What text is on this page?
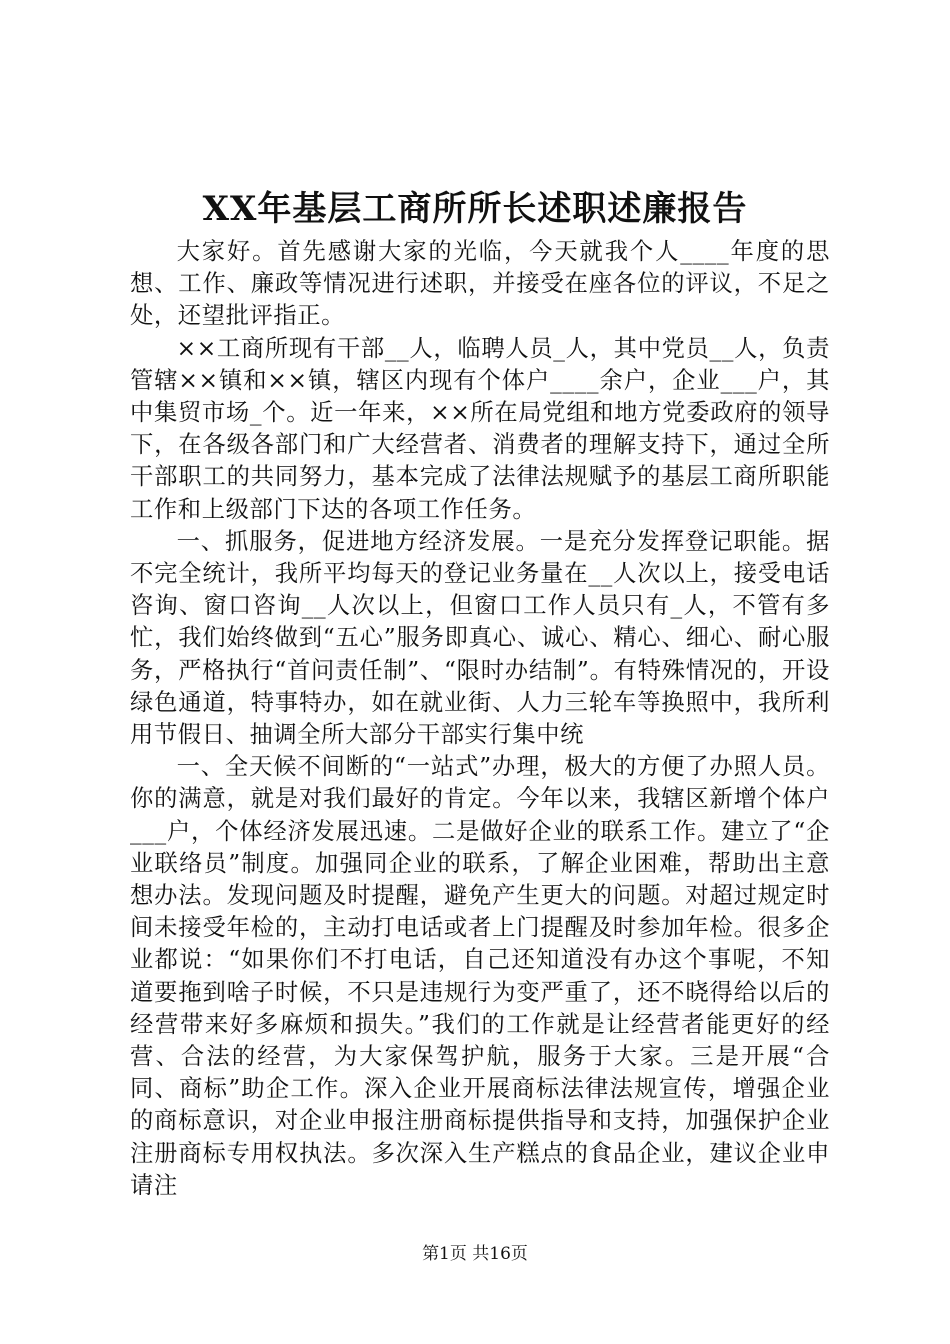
XX年基层工商所所长述职述廉报告

大家好。首先感谢大家的光临，今天就我个人____年度的思想、工作、廉政等情况进行述职，并接受在座各位的评议，不足之处，还望批评指正。

××工商所现有干部__人，临聘人员_人，其中党员__人，负责管辖××镇和××镇，辖区内现有个体户____余户，企业___户，其中集贸市场_个。近一年来，××所在局党组和地方党委政府的领导下，在各级各部门和广大经营者、消费者的理解支持下，通过全所干部职工的共同努力，基本完成了法律法规赋予的基层工商所职能工作和上级部门下达的各项工作任务。

一、抓服务，促进地方经济发展。一是充分发挥登记职能。据不完全统计，我所平均每天的登记业务量在__人次以上，接受电话咨询、窗口咨询__人次以上，但窗口工作人员只有_人，不管有多忙，我们始终做到“五心”服务即真心、诚心、精心、细心、耐心服务，严格执行“首问责任制”、“限时办结制”。有特殊情况的，开设绿色通道，特事特办，如在就业街、人力三轮车等换照中，我所利用节假日、抽调全所大部分干部实行集中统

一、全天候不间断的“一站式”办理，极大的方便了办照人员。你的满意，就是对我们最好的肯定。今年以来，我辖区新增个体户___户，个体经济发展迅速。二是做好企业的联系工作。建立了“企业联络员”制度。加强同企业的联系，了解企业困难，帮助出主意想办法。发现问题及时提醒，避免产生更大的问题。对超过规定时间未接受年检的，主动打电话或者上门提醒及时参加年检。很多企业都说：“如果你们不打电话，自己还知道没有办这个事呢，不知道要拖到啥子时候，不只是违规行为变严重了，还不晓得给以后的经营带来好多麻烦和损失。”我们的工作就是让经营者能更好的经营、合法的经营，为大家保驾护航，服务于大家。三是开展“合同、商标”助企工作。深入企业开展商标法律法规宣传，增强企业的商标意识，对企业申报注册商标提供指导和支持，加强保护企业注册商标专用权执法。多次深入生产糕点的食品企业，建议企业申请注

第1页 共16页
